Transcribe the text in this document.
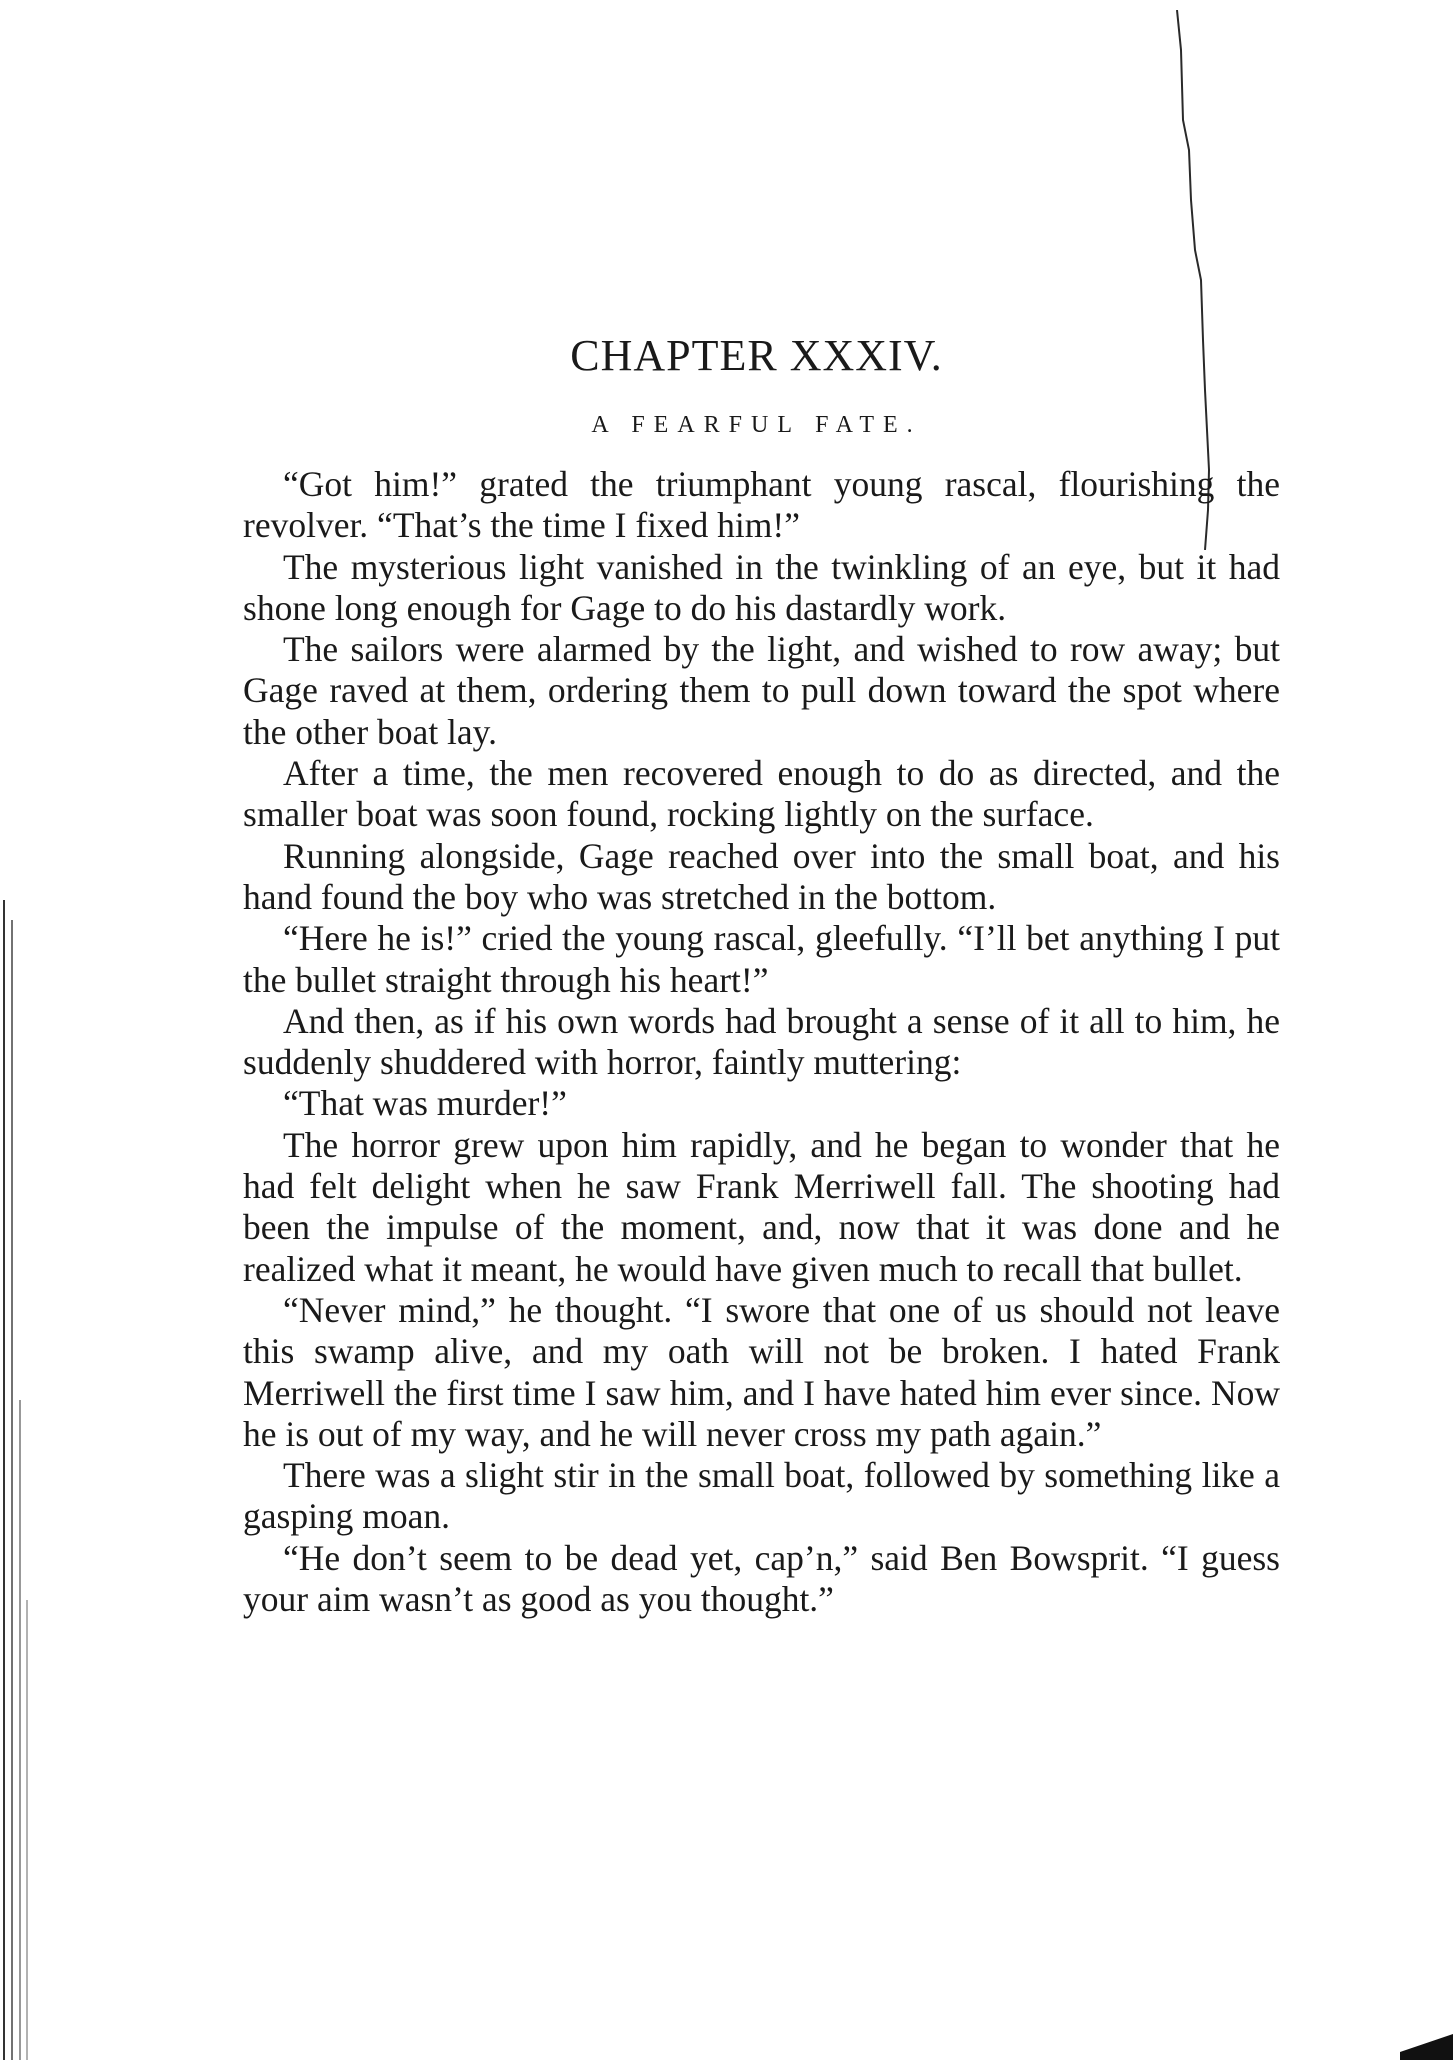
CHAPTER XXXIV.
A FEARFUL FATE.

“Got him!” grated the triumphant young rascal, flourishing the revolver. “That’s the time I fixed him!”

The mysterious light vanished in the twinkling of an eye, but it had shone long enough for Gage to do his dastardly work.

The sailors were alarmed by the light, and wished to row away; but Gage raved at them, ordering them to pull down toward the spot where the other boat lay.

After a time, the men recovered enough to do as directed, and the smaller boat was soon found, rocking lightly on the surface.

Running alongside, Gage reached over into the small boat, and his hand found the boy who was stretched in the bottom.

“Here he is!” cried the young rascal, gleefully. “I’ll bet anything I put the bullet straight through his heart!”

And then, as if his own words had brought a sense of it all to him, he suddenly shuddered with horror, faintly muttering:

“That was murder!”

The horror grew upon him rapidly, and he began to wonder that he had felt delight when he saw Frank Merriwell fall. The shooting had been the impulse of the moment, and, now that it was done and he realized what it meant, he would have given much to recall that bullet.

“Never mind,” he thought. “I swore that one of us should not leave this swamp alive, and my oath will not be broken. I hated Frank Merriwell the first time I saw him, and I have hated him ever since. Now he is out of my way, and he will never cross my path again.”

There was a slight stir in the small boat, followed by something like a gasping moan.

“He don’t seem to be dead yet, cap’n,” said Ben Bowsprit. “I guess your aim wasn’t as good as you thought.”
